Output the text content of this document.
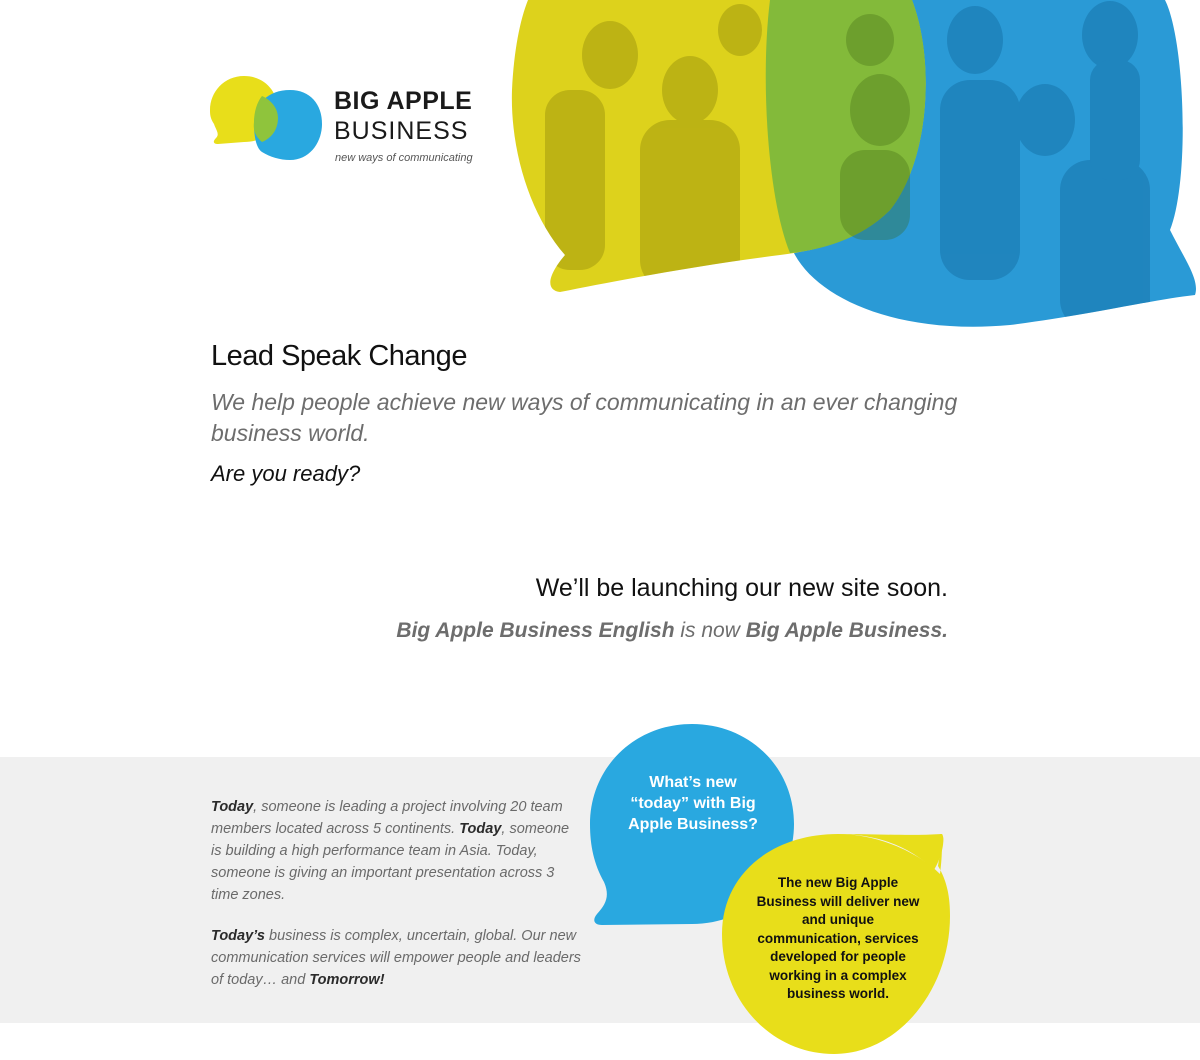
BIG APPLE
BUSINESS
new ways of communicating
Lead Speak Change
We help people achieve new ways of communicating in an ever changing business world.
Are you ready?
We’ll be launching our new site soon.
Big Apple Business English is now Big Apple Business.

Today, someone is leading a project involving 20 team members located across 5 continents. Today, someone is building a high performance team in Asia. Today, someone is giving an important presentation across 3 time zones.

Today’s business is complex, uncertain, global. Our new communication services will empower people and leaders of today… and Tomorrow!

What’s new “today” with Big Apple Business?
The new Big Apple Business will deliver new and unique communication, services developed for people working in a complex business world.
